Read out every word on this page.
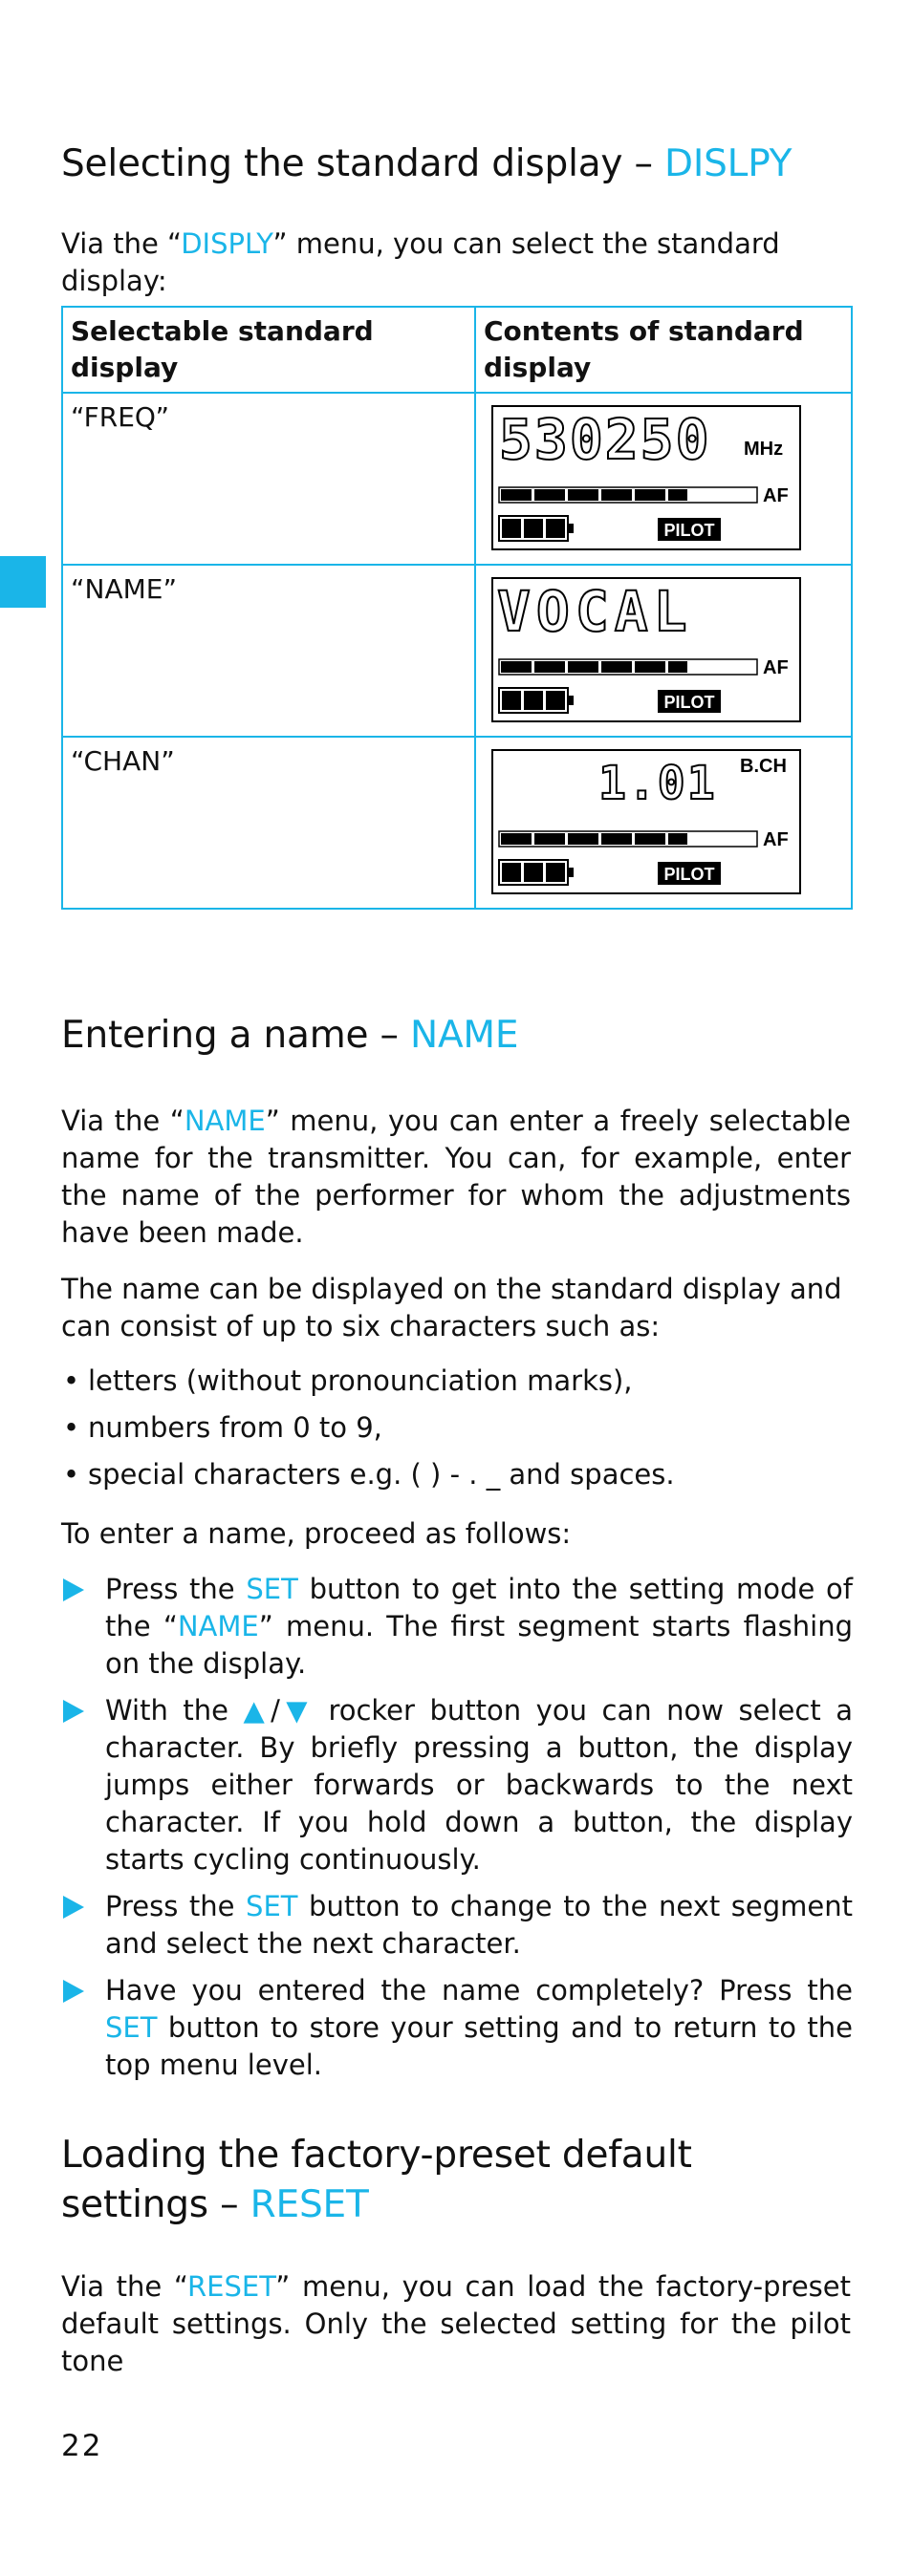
Selecting the standard display – DISLPY

Via the “DISPLY” menu, you can select the standard display:

Selectable standard display	Contents of standard display
“FREQ”	530250 MHz
AF
PILOT

“NAME”	VOCAL
AF
PILOT

“CHAN”	1.01 B.CH
AF
PILOT
Entering a name – NAME

Via the “NAME” menu, you can enter a freely selectable name for the transmitter. You can, for example, enter the name of the performer for whom the adjustments have been made.

The name can be displayed on the standard display and can consist of up to six characters such as:

• letters (without pronounciation marks),
• numbers from 0 to 9,
• special characters e.g. ( ) - . _ and spaces.

To enter a name, proceed as follows:

Press the SET button to get into the setting mode of the “NAME” menu. The first segment starts flashing on the display.
With the ▲/▼ rocker button you can now select a character. By briefly pressing a button, the display jumps either forwards or backwards to the next character. If you hold down a button, the display starts cycling continuously.
Press the SET button to change to the next segment and select the next character.
Have you entered the name completely? Press the SET button to store your setting and to return to the top menu level.
Loading the factory-preset default
settings – RESET

Via the “RESET” menu, you can load the factory-preset default settings. Only the selected setting for the pilot tone

22
